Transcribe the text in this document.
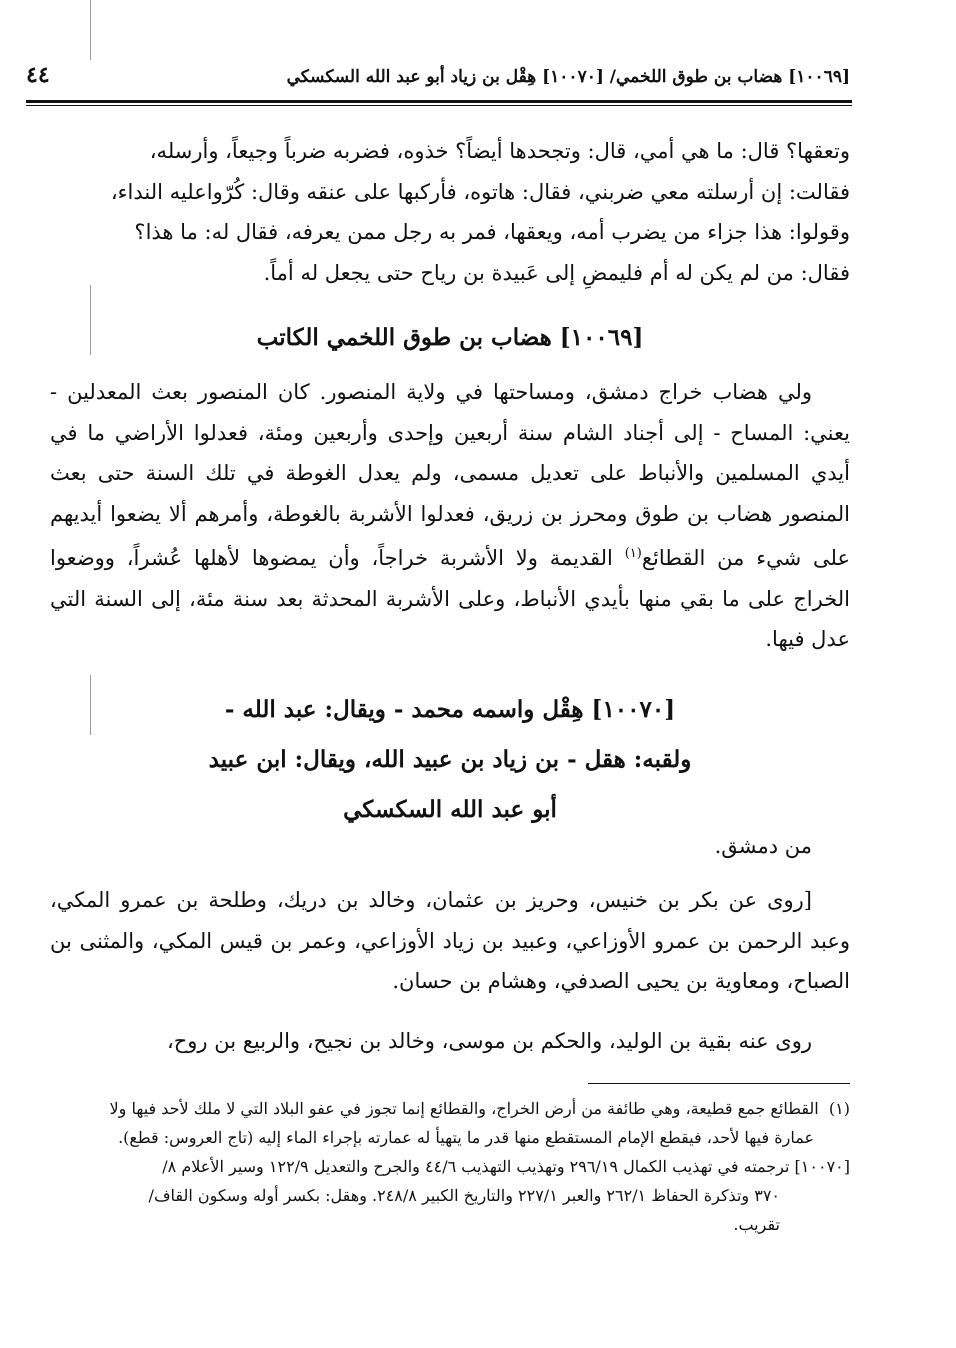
٤٤	[١٠٠٦٩] هضاب بن طوق اللخمي/ [١٠٠٧٠] هِقْل بن زياد أبو عبد الله السكسكي
وتعقها؟ قال: ما هي أمي، قال: وتجحدها أيضاً؟ خذوه، فضربه ضرباً وجيعاً، وأرسله،
فقالت: إن أرسلته معي ضربني، فقال: هاتوه، فأركبها على عنقه وقال: كُرّواعليه النداء،
وقولوا: هذا جزاء من يضرب أمه، ويعقها، فمر به رجل ممن يعرفه، فقال له: ما هذا؟
فقال: من لم يكن له أم فليمضِ إلى عَبيدة بن رياح حتى يجعل له أماً.
[١٠٠٦٩] هضاب بن طوق اللخمي الكاتب

ولي هضاب خراج دمشق، ومساحتها في ولاية المنصور. كان المنصور بعث المعدلين - يعني: المساح - إلى أجناد الشام سنة أربعين وإحدى وأربعين ومئة، فعدلوا الأراضي ما في أيدي المسلمين والأنباط على تعديل مسمى، ولم يعدل الغوطة في تلك السنة حتى بعث المنصور هضاب بن طوق ومحرز بن زريق، فعدلوا الأشربة بالغوطة، وأمرهم ألا يضعوا أيديهم على شيء من القطائع$^{(١)}$ القديمة ولا الأشربة خراجاً، وأن يمضوها لأهلها عُشراً، ووضعوا الخراج على ما بقي منها بأيدي الأنباط، وعلى الأشربة المحدثة بعد سنة مئة، إلى السنة التي عدل فيها.

[١٠٠٧٠] هِقْل واسمه محمد - ويقال: عبد الله -
ولقبه: هقل - بن زياد بن عبيد الله، ويقال: ابن عبيد
أبو عبد الله السكسكي

من دمشق.

[روى عن بكر بن خنيس، وحريز بن عثمان، وخالد بن دريك، وطلحة بن عمرو المكي، وعبد الرحمن بن عمرو الأوزاعي، وعبيد بن زياد الأوزاعي، وعمر بن قيس المكي، والمثنى بن الصباح، ومعاوية بن يحيى الصدفي، وهشام بن حسان.

روى عنه بقية بن الوليد، والحكم بن موسى، وخالد بن نجيح، والربيع بن روح،

(١)  القطائع جمع قطيعة، وهي طائفة من أرض الخراج، والقطائع إنما تجوز في عفو البلاد التي لا ملك لأحد فيها ولا

عمارة فيها لأحد، فيقطع الإمام المستقطع منها قدر ما يتهيأ له عمارته بإجراء الماء إليه (تاج العروس: قطع).

[١٠٠٧٠] ترجمته في تهذيب الكمال ٢٩٦/١٩ وتهذيب التهذيب ٤٤/٦ والجرح والتعديل ١٢٢/٩ وسير الأعلام ٨/

٣٧٠ وتذكرة الحفاظ ٢٦٢/١ والعبر ٢٢٧/١ والتاريخ الكبير ٢٤٨/٨. وهقل: بكسر أوله وسكون القاف/

تقريب.
